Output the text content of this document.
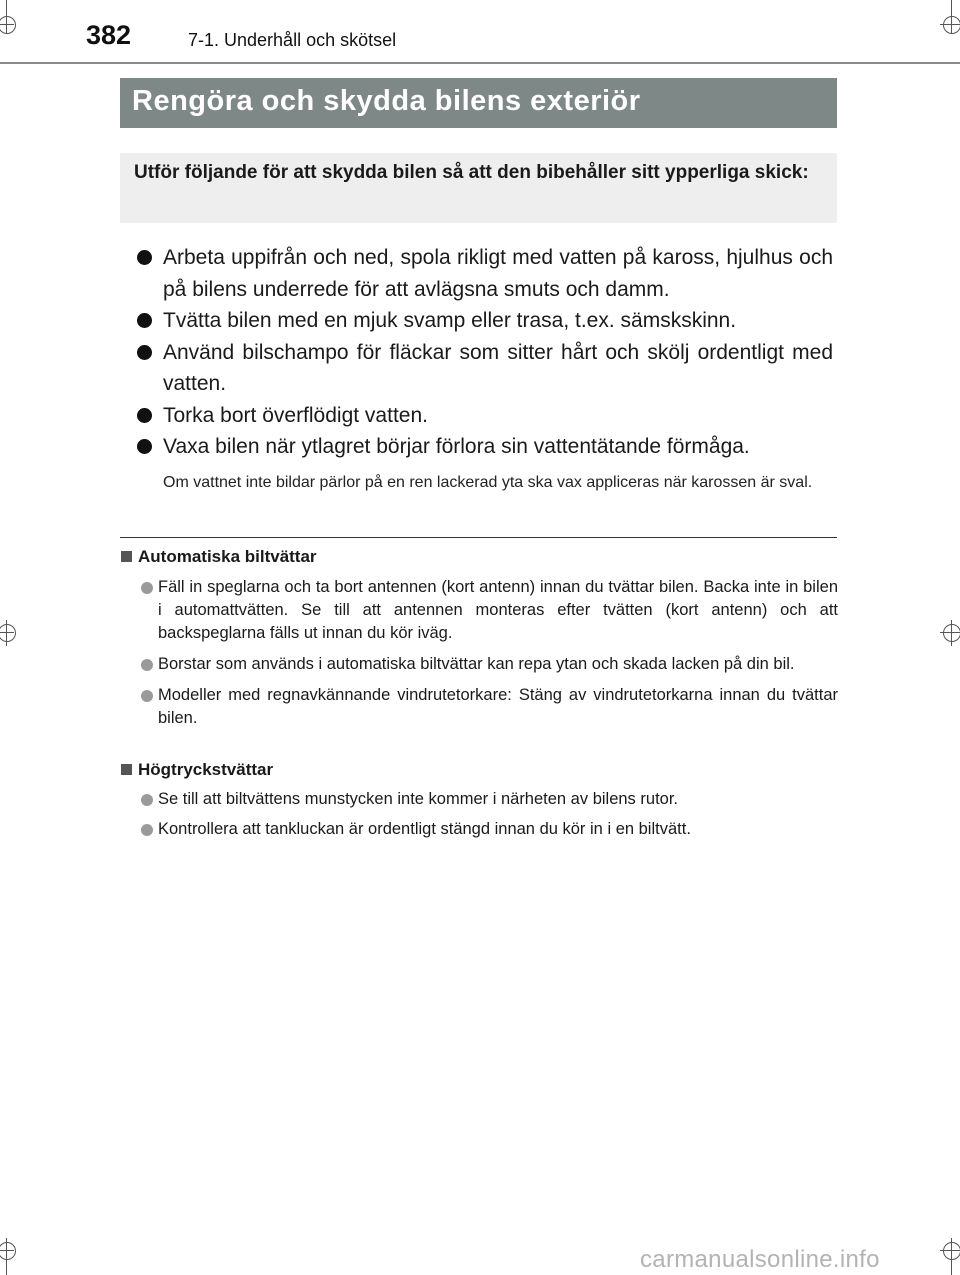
382	7-1. Underhåll och skötsel
Rengöra och skydda bilens exteriör
Utför följande för att skydda bilen så att den bibehåller sitt ypperliga skick:
Arbeta uppifrån och ned, spola rikligt med vatten på kaross, hjulhus och på bilens underrede för att avlägsna smuts och damm.
Tvätta bilen med en mjuk svamp eller trasa, t.ex. sämskskinn.
Använd bilschampo för fläckar som sitter hårt och skölj ordentligt med vatten.
Torka bort överflödigt vatten.
Vaxa bilen när ytlagret börjar förlora sin vattentätande förmåga.
Om vattnet inte bildar pärlor på en ren lackerad yta ska vax appliceras när karossen är sval.
Automatiska biltvättar
Fäll in speglarna och ta bort antennen (kort antenn) innan du tvättar bilen. Backa inte in bilen i automattvätten. Se till att antennen monteras efter tvätten (kort antenn) och att backspeglarna fälls ut innan du kör iväg.
Borstar som används i automatiska biltvättar kan repa ytan och skada lacken på din bil.
Modeller med regnavkännande vindrutetorkare: Stäng av vindrutetorkarna innan du tvättar bilen.
Högtryckstvättar
Se till att biltvättens munstycken inte kommer i närheten av bilens rutor.
Kontrollera att tankluckan är ordentligt stängd innan du kör in i en biltvätt.
carmanualsonline.info
